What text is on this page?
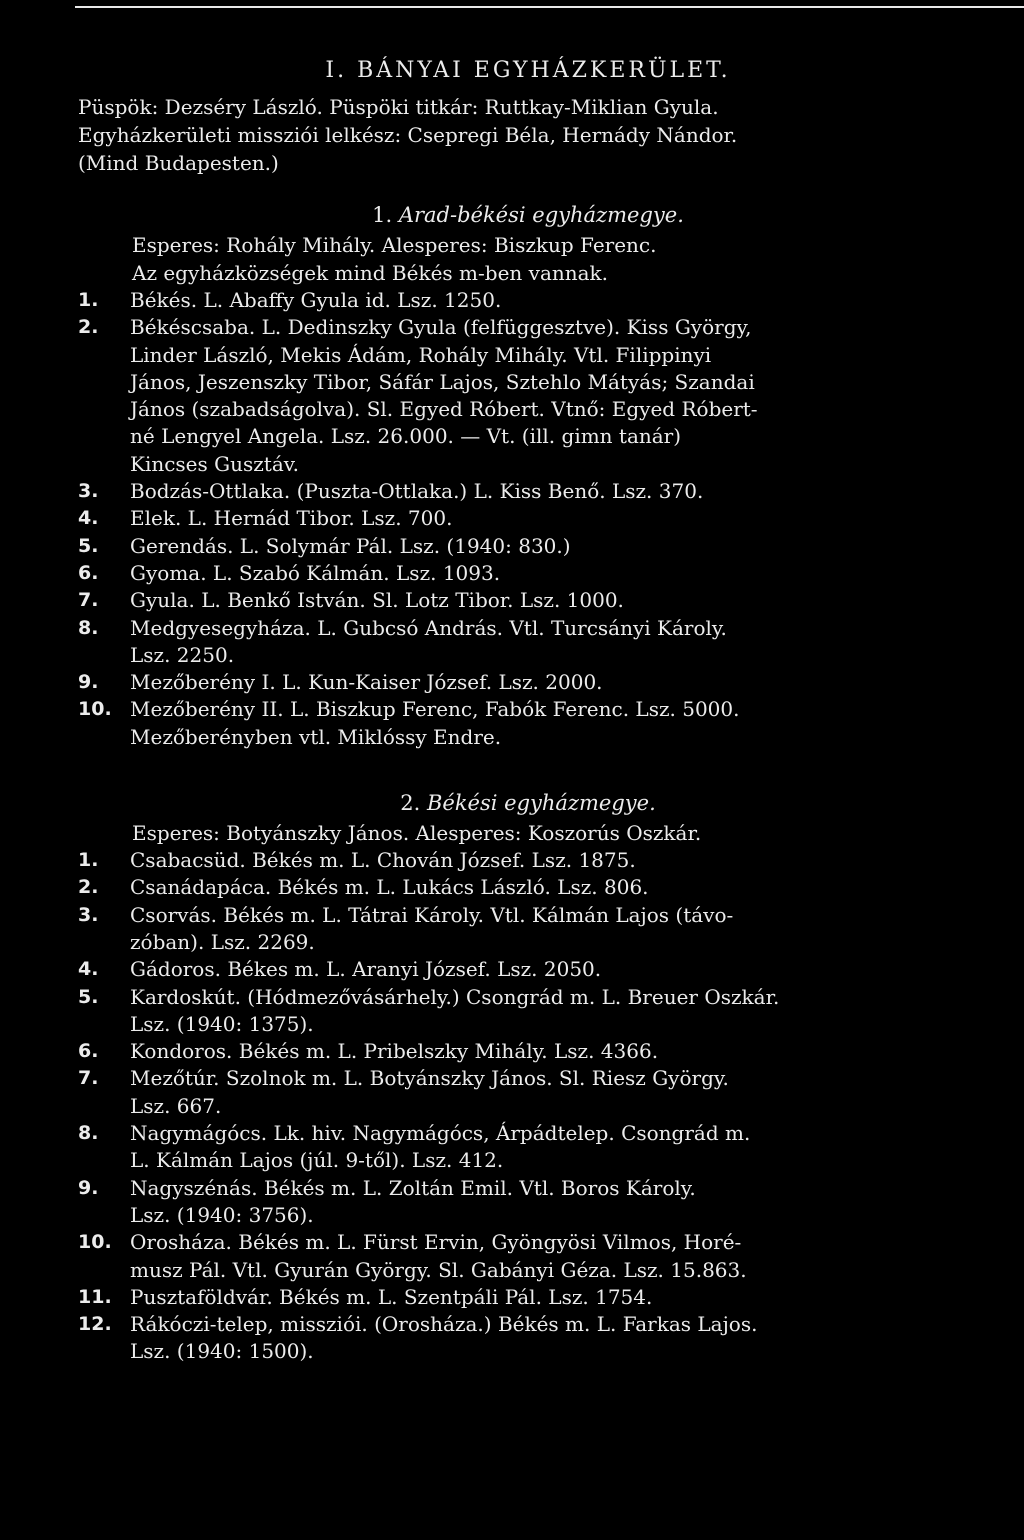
I. BÁNYAI EGYHÁZKERÜLET.
Püspök: Dezséry László. Püspöki titkár: Ruttkay-Miklian Gyula.
Egyházkerületi missziói lelkész: Csepregi Béla, Hernády Nándor.
(Mind Budapesten.)
1. Arad-békési egyházmegye.
Esperes: Rohály Mihály. Alesperes: Biszkup Ferenc.
Az egyházközségek mind Békés m-ben vannak.
1.	Békés. L. Abaffy Gyula id. Lsz. 1250.
2.	Békéscsaba. L. Dedinszky Gyula (felfüggesztve). Kiss György,
Linder László, Mekis Ádám, Rohály Mihály. Vtl. Filippinyi
János, Jeszenszky Tibor, Sáfár Lajos, Sztehlo Mátyás; Szandai
János (szabadságolva). Sl. Egyed Róbert. Vtnő: Egyed Róbert-
né Lengyel Angela. Lsz. 26.000. — Vt. (ill. gimn tanár)
Kincses Gusztáv.
3.	Bodzás-Ottlaka. (Puszta-Ottlaka.) L. Kiss Benő. Lsz. 370.
4.	Elek. L. Hernád Tibor. Lsz. 700.
5.	Gerendás. L. Solymár Pál. Lsz. (1940: 830.)
6.	Gyoma. L. Szabó Kálmán. Lsz. 1093.
7.	Gyula. L. Benkő István. Sl. Lotz Tibor. Lsz. 1000.
8.	Medgyesegyháza. L. Gubcsó András. Vtl. Turcsányi Károly.
Lsz. 2250.
9.	Mezőberény I. L. Kun-Kaiser József. Lsz. 2000.
10. Mezőberény II. L. Biszkup Ferenc, Fabók Ferenc. Lsz. 5000.
Mezőberényben vtl. Miklóssy Endre.
2. Békési egyházmegye.
Esperes: Botyánszky János. Alesperes: Koszorús Oszkár.
1.	Csabacsüd. Békés m. L. Chován József. Lsz. 1875.
2.	Csanádapáca. Békés m. L. Lukács László. Lsz. 806.
3.	Csorvás. Békés m. L. Tátrai Károly. Vtl. Kálmán Lajos (távo-
zóban). Lsz. 2269.
4.	Gádoros. Békes m. L. Aranyi József. Lsz. 2050.
5.	Kardoskút. (Hódmezővásárhely.) Csongrád m. L. Breuer Oszkár.
Lsz. (1940: 1375).
6.	Kondoros. Békés m. L. Pribelszky Mihály. Lsz. 4366.
7.	Mezőtúr. Szolnok m. L. Botyánszky János. Sl. Riesz György.
Lsz. 667.
8.	Nagymágócs. Lk. hiv. Nagymágócs, Árpádtelep. Csongrád m.
L. Kálmán Lajos (júl. 9-től). Lsz. 412.
9.	Nagyszénás. Békés m. L. Zoltán Emil. Vtl. Boros Károly.
Lsz. (1940: 3756).
10. Orosháza. Békés m. L. Fürst Ervin, Gyöngyösi Vilmos, Horé-
musz Pál. Vtl. Gyurán György. Sl. Gabányi Géza. Lsz. 15.863.
11. Pusztaföldvár. Békés m. L. Szentpáli Pál. Lsz. 1754.
12. Rákóczi-telep, missziói. (Orosháza.) Békés m. L. Farkas Lajos.
Lsz. (1940: 1500).
